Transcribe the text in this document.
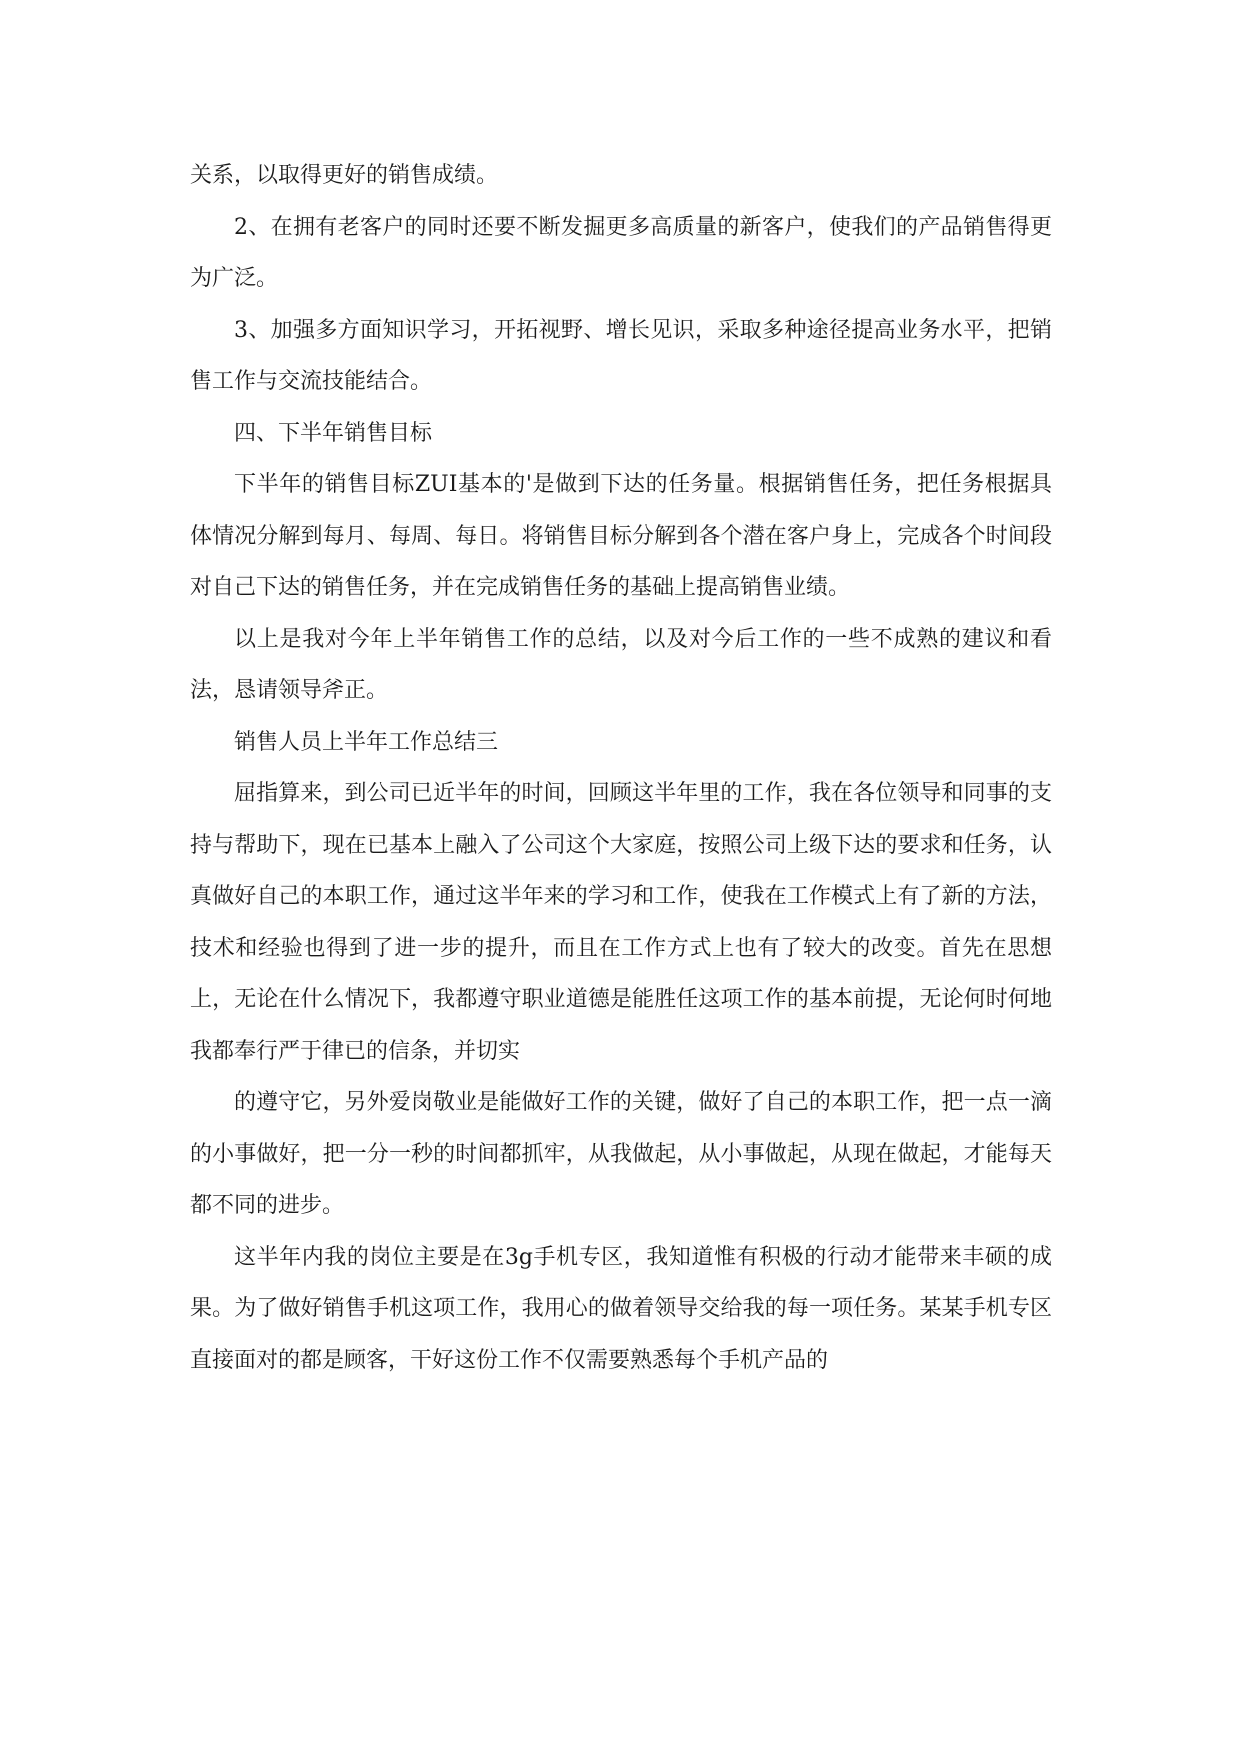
关系，以取得更好的销售成绩。

2、在拥有老客户的同时还要不断发掘更多高质量的新客户，使我们的产品销售得更为广泛。

3、加强多方面知识学习，开拓视野、增长见识，采取多种途径提高业务水平，把销售工作与交流技能结合。

四、下半年销售目标

下半年的销售目标ZUI基本的'是做到下达的任务量。根据销售任务，把任务根据具体情况分解到每月、每周、每日。将销售目标分解到各个潜在客户身上，完成各个时间段对自己下达的销售任务，并在完成销售任务的基础上提高销售业绩。

以上是我对今年上半年销售工作的总结，以及对今后工作的一些不成熟的建议和看法，恳请领导斧正。

销售人员上半年工作总结三

屈指算来，到公司已近半年的时间，回顾这半年里的工作，我在各位领导和同事的支持与帮助下，现在已基本上融入了公司这个大家庭，按照公司上级下达的要求和任务，认真做好自己的本职工作，通过这半年来的学习和工作，使我在工作模式上有了新的方法，技术和经验也得到了进一步的提升，而且在工作方式上也有了较大的改变。首先在思想上，无论在什么情况下，我都遵守职业道德是能胜任这项工作的基本前提，无论何时何地我都奉行严于律已的信条，并切实

的遵守它，另外爱岗敬业是能做好工作的关键，做好了自己的本职工作，把一点一滴的小事做好，把一分一秒的时间都抓牢，从我做起，从小事做起，从现在做起，才能每天都不同的进步。

这半年内我的岗位主要是在3g手机专区，我知道惟有积极的行动才能带来丰硕的成果。为了做好销售手机这项工作，我用心的做着领导交给我的每一项任务。某某手机专区直接面对的都是顾客，干好这份工作不仅需要熟悉每个手机产品的
